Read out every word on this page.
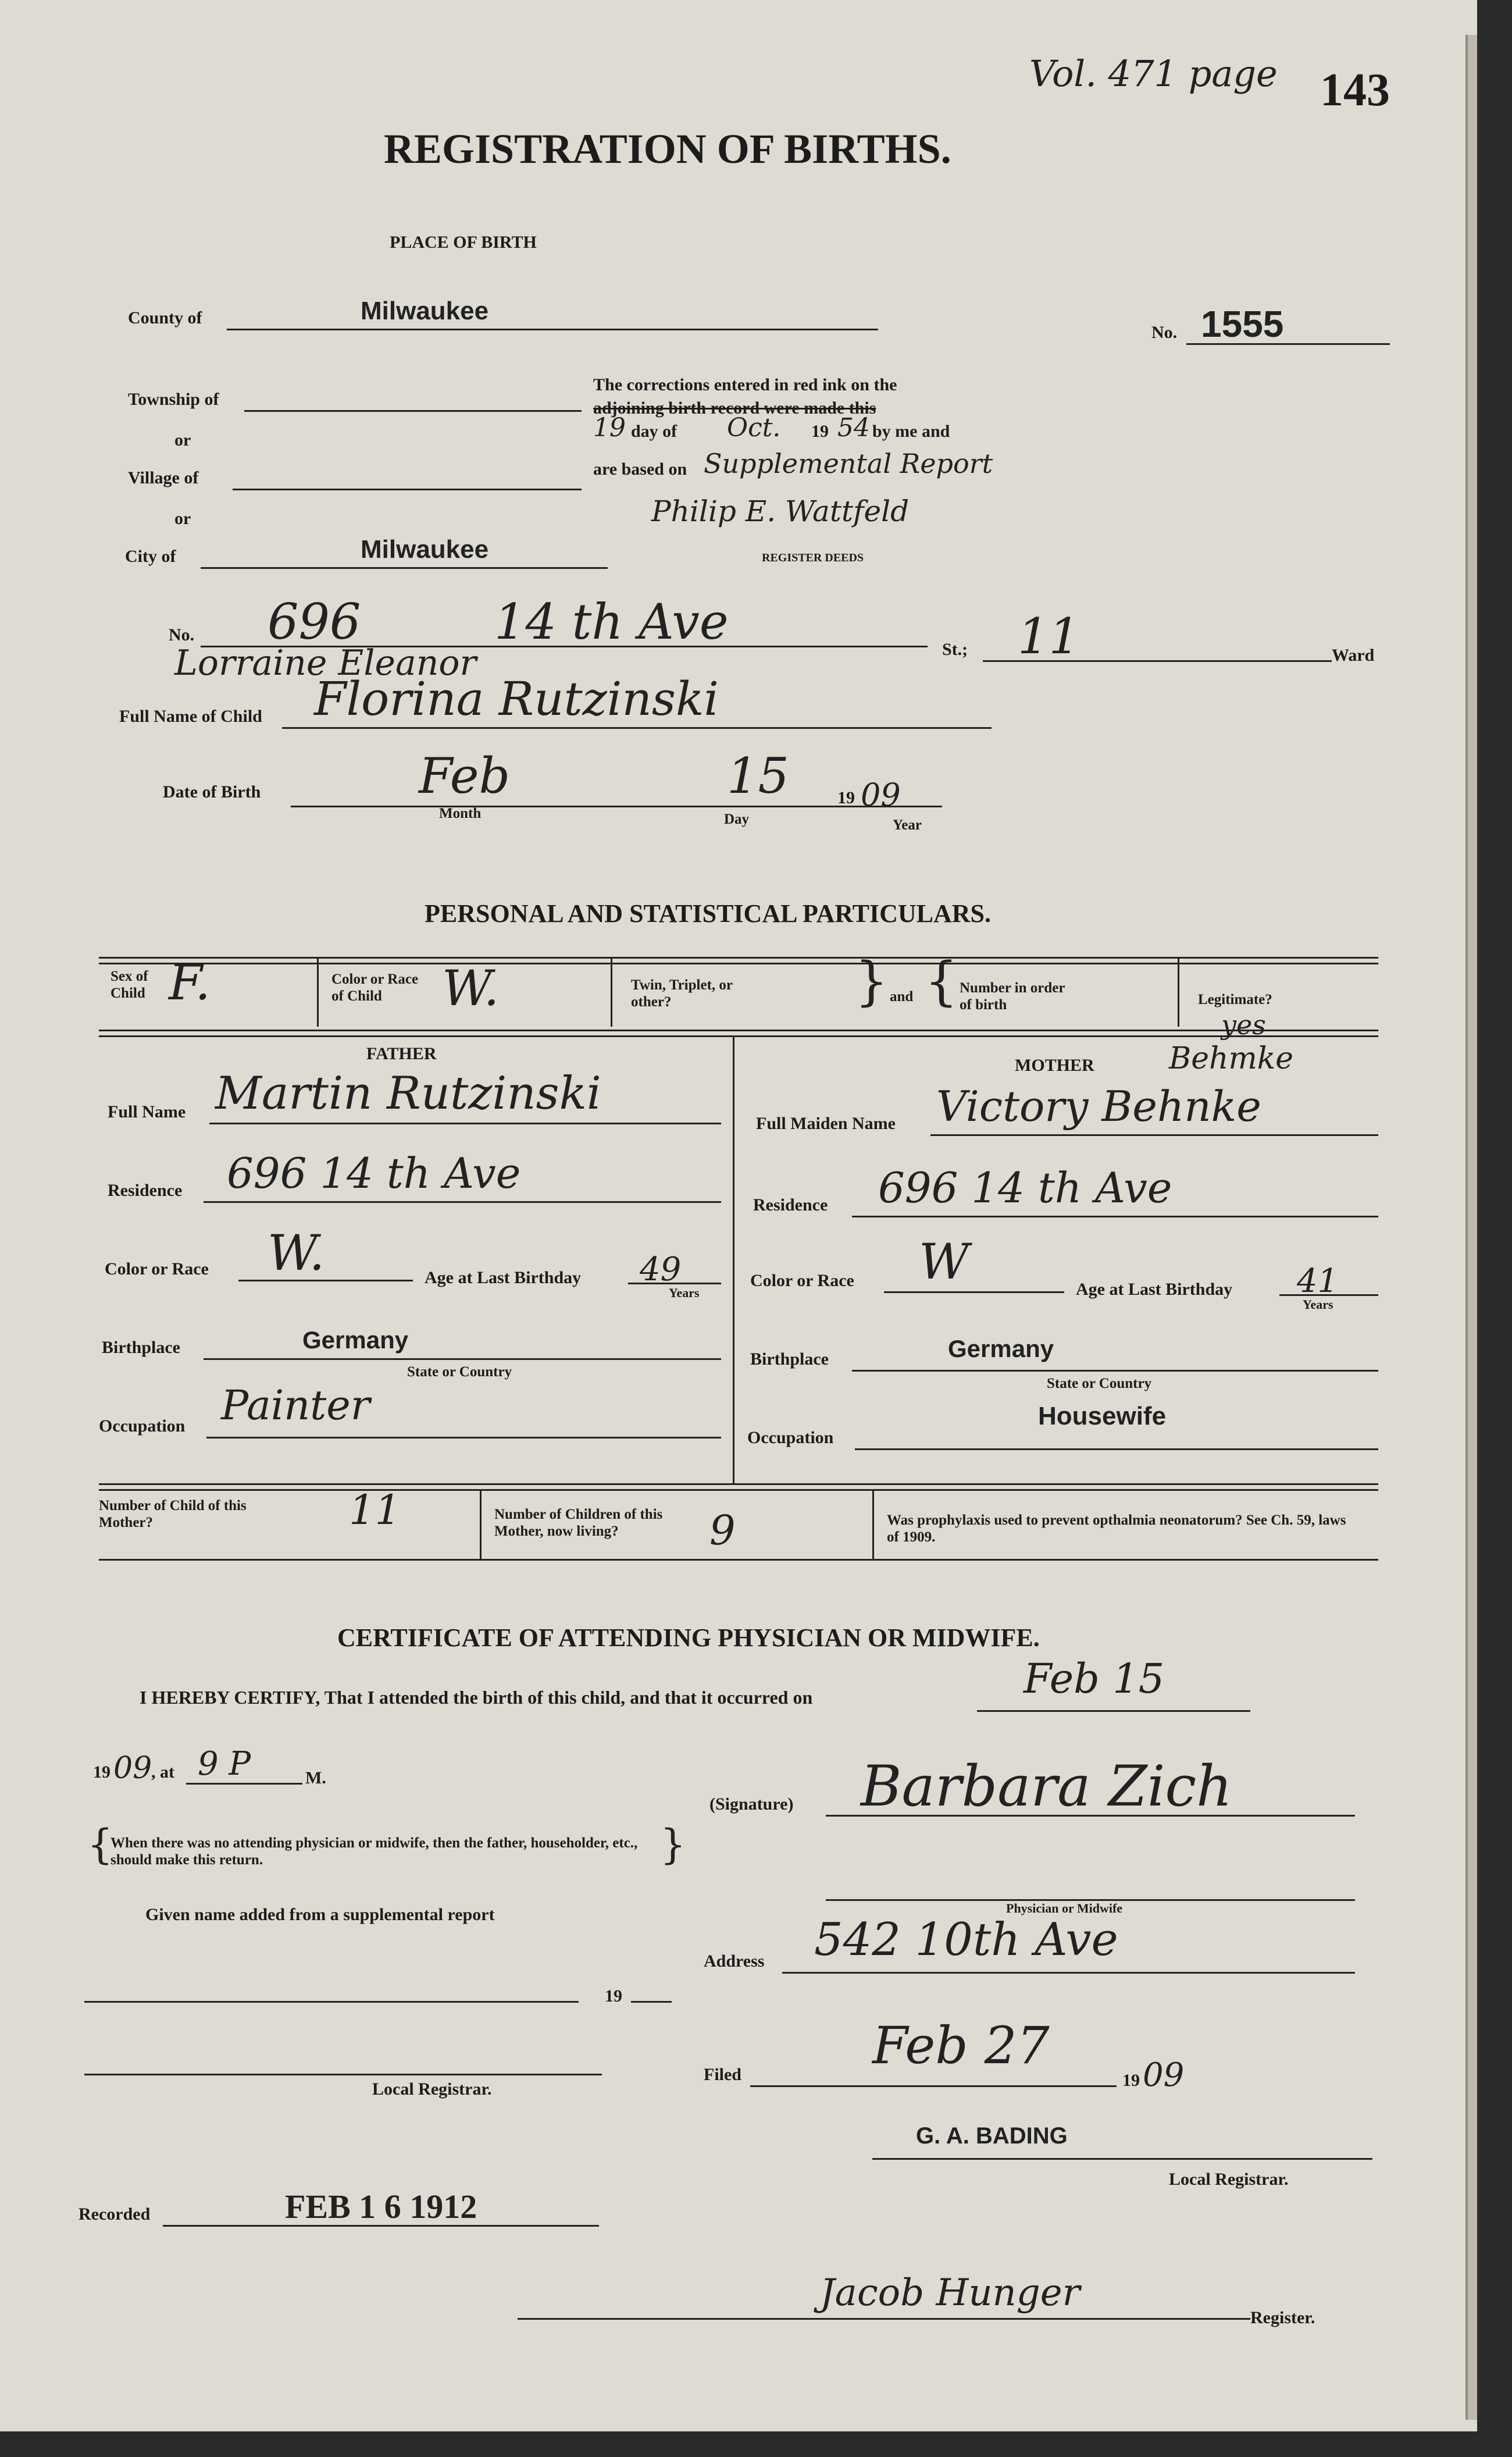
Vol. 471 page 143
REGISTRATION OF BIRTHS.
PLACE OF BIRTH
County of	Milwaukee
No. 1555
Township of
or
Village of
or
City of	Milwaukee
The corrections entered in red ink on the
adjoining birth record were made this
19 day of Oct. 19 54 by me and
are based on Supplemental Report
Philip E. Wattfeld
REGISTER DEEDS
No. 696	14 th Ave	St.; 11	Ward
Lorraine Eleanor
Full Name of Child Florina Rutzinski
Date of Birth	Feb	15	19 09
Month	Day	Year
PERSONAL AND STATISTICAL PARTICULARS.
Sex of Child F.	Color or Race of Child	W.	Twin, Triplet, or other?	} and { Number in order of birth	Legitimate?
yes
FATHER
Full Name Martin Rutzinski
Residence 696 14 th Ave
Color or Race W.	Age at Last Birthday 49
Years
Birthplace	Germany
State or Country
Occupation Painter
MOTHER Behmke
Full Maiden Name Victory Behnke
Residence 696 14 th Ave
Color or Race W	Age at Last Birthday 41
Years
Birthplace	Germany
State or Country
Occupation
Housewife
Number of Child of this Mother?	11	Number of Children of this Mother, now living?	9	Was prophylaxis used to prevent opthalmia neonatorum? See Ch. 59, laws of 1909.
CERTIFICATE OF ATTENDING PHYSICIAN OR MIDWIFE.
I HEREBY CERTIFY, That I attended the birth of this child, and that it occurred on	Feb 15
19 09
, at 9 P	M.
(Signature) Barbara Zich
{
When there was no attending physician or midwife, then the father, householder, etc., should make this return.	}
Physician or Midwife
Given name added from a supplemental report
Address 542 10th Ave
19
Local Registrar.
Filed	Feb 27
19 09
G. A. BADING
Local Registrar.
Recorded	FEB 1 6 1912
Jacob Hunger
Register.
